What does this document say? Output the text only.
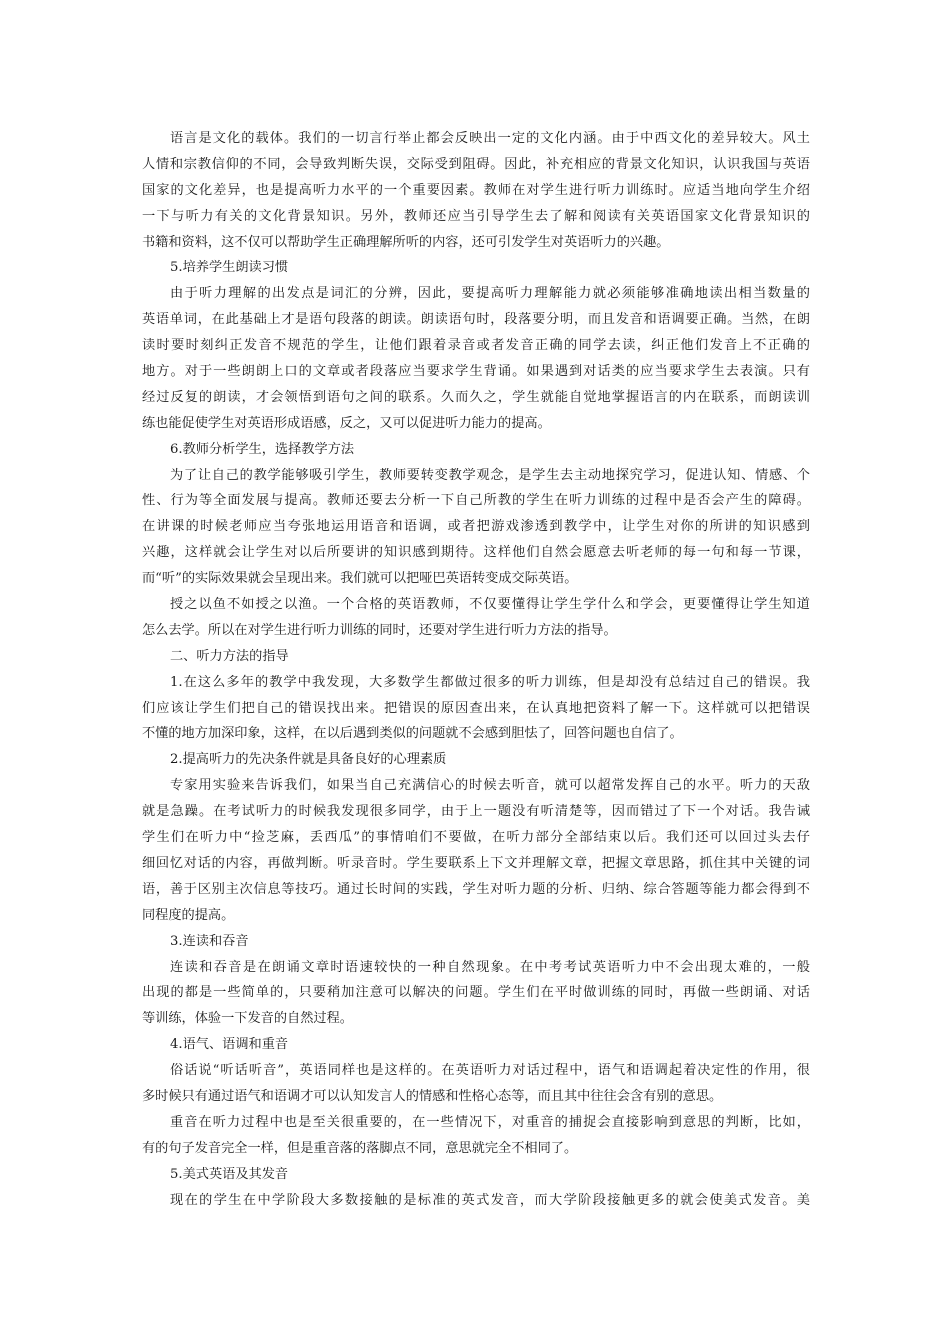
语言是文化的载体。我们的一切言行举止都会反映出一定的文化内涵。由于中西文化的差异较大。风土
人情和宗教信仰的不同，会导致判断失误，交际受到阻碍。因此，补充相应的背景文化知识，认识我国与英语
国家的文化差异，也是提高听力水平的一个重要因素。教师在对学生进行听力训练时。应适当地向学生介绍
一下与听力有关的文化背景知识。另外，教师还应当引导学生去了解和阅读有关英语国家文化背景知识的
书籍和资料，这不仅可以帮助学生正确理解所听的内容，还可引发学生对英语听力的兴趣。
5.培养学生朗读习惯
由于听力理解的出发点是词汇的分辨，因此，要提高听力理解能力就必须能够准确地读出相当数量的
英语单词，在此基础上才是语句段落的朗读。朗读语句时，段落要分明，而且发音和语调要正确。当然，在朗
读时要时刻纠正发音不规范的学生，让他们跟着录音或者发音正确的同学去读，纠正他们发音上不正确的
地方。对于一些朗朗上口的文章或者段落应当要求学生背诵。如果遇到对话类的应当要求学生去表演。只有
经过反复的朗读，才会领悟到语句之间的联系。久而久之，学生就能自觉地掌握语言的内在联系，而朗读训
练也能促使学生对英语形成语感，反之，又可以促进听力能力的提高。
6.教师分析学生，选择教学方法
为了让自己的教学能够吸引学生，教师要转变教学观念，是学生去主动地探究学习，促进认知、情感、个
性、行为等全面发展与提高。教师还要去分析一下自己所教的学生在听力训练的过程中是否会产生的障碍。
在讲课的时候老师应当夸张地运用语音和语调，或者把游戏渗透到教学中，让学生对你的所讲的知识感到
兴趣，这样就会让学生对以后所要讲的知识感到期待。这样他们自然会愿意去听老师的每一句和每一节课，
而“听”的实际效果就会呈现出来。我们就可以把哑巴英语转变成交际英语。
授之以鱼不如授之以渔。一个合格的英语教师，不仅要懂得让学生学什么和学会，更要懂得让学生知道
怎么去学。所以在对学生进行听力训练的同时，还要对学生进行听力方法的指导。
二、听力方法的指导
1.在这么多年的教学中我发现，大多数学生都做过很多的听力训练，但是却没有总结过自己的错误。我
们应该让学生们把自己的错误找出来。把错误的原因查出来，在认真地把资料了解一下。这样就可以把错误
不懂的地方加深印象，这样，在以后遇到类似的问题就不会感到胆怯了，回答问题也自信了。
2.提高听力的先决条件就是具备良好的心理素质
专家用实验来告诉我们，如果当自己充满信心的时候去听音，就可以超常发挥自己的水平。听力的天敌
就是急躁。在考试听力的时候我发现很多同学，由于上一题没有听清楚等，因而错过了下一个对话。我告诫
学生们在听力中“捡芝麻，丢西瓜”的事情咱们不要做，在听力部分全部结束以后。我们还可以回过头去仔
细回忆对话的内容，再做判断。听录音时。学生要联系上下文并理解文章，把握文章思路，抓住其中关键的词
语，善于区别主次信息等技巧。通过长时间的实践，学生对听力题的分析、归纳、综合答题等能力都会得到不
同程度的提高。
3.连读和吞音
连读和吞音是在朗诵文章时语速较快的一种自然现象。在中考考试英语听力中不会出现太难的，一般
出现的都是一些简单的，只要稍加注意可以解决的问题。学生们在平时做训练的同时，再做一些朗诵、对话
等训练，体验一下发音的自然过程。
4.语气、语调和重音
俗话说“听话听音”，英语同样也是这样的。在英语听力对话过程中，语气和语调起着决定性的作用，很
多时候只有通过语气和语调才可以认知发言人的情感和性格心态等，而且其中往往会含有别的意思。
重音在听力过程中也是至关很重要的，在一些情况下，对重音的捕捉会直接影响到意思的判断，比如，
有的句子发音完全一样，但是重音落的落脚点不同，意思就完全不相同了。
5.美式英语及其发音
现在的学生在中学阶段大多数接触的是标准的英式发音，而大学阶段接触更多的就会使美式发音。美
